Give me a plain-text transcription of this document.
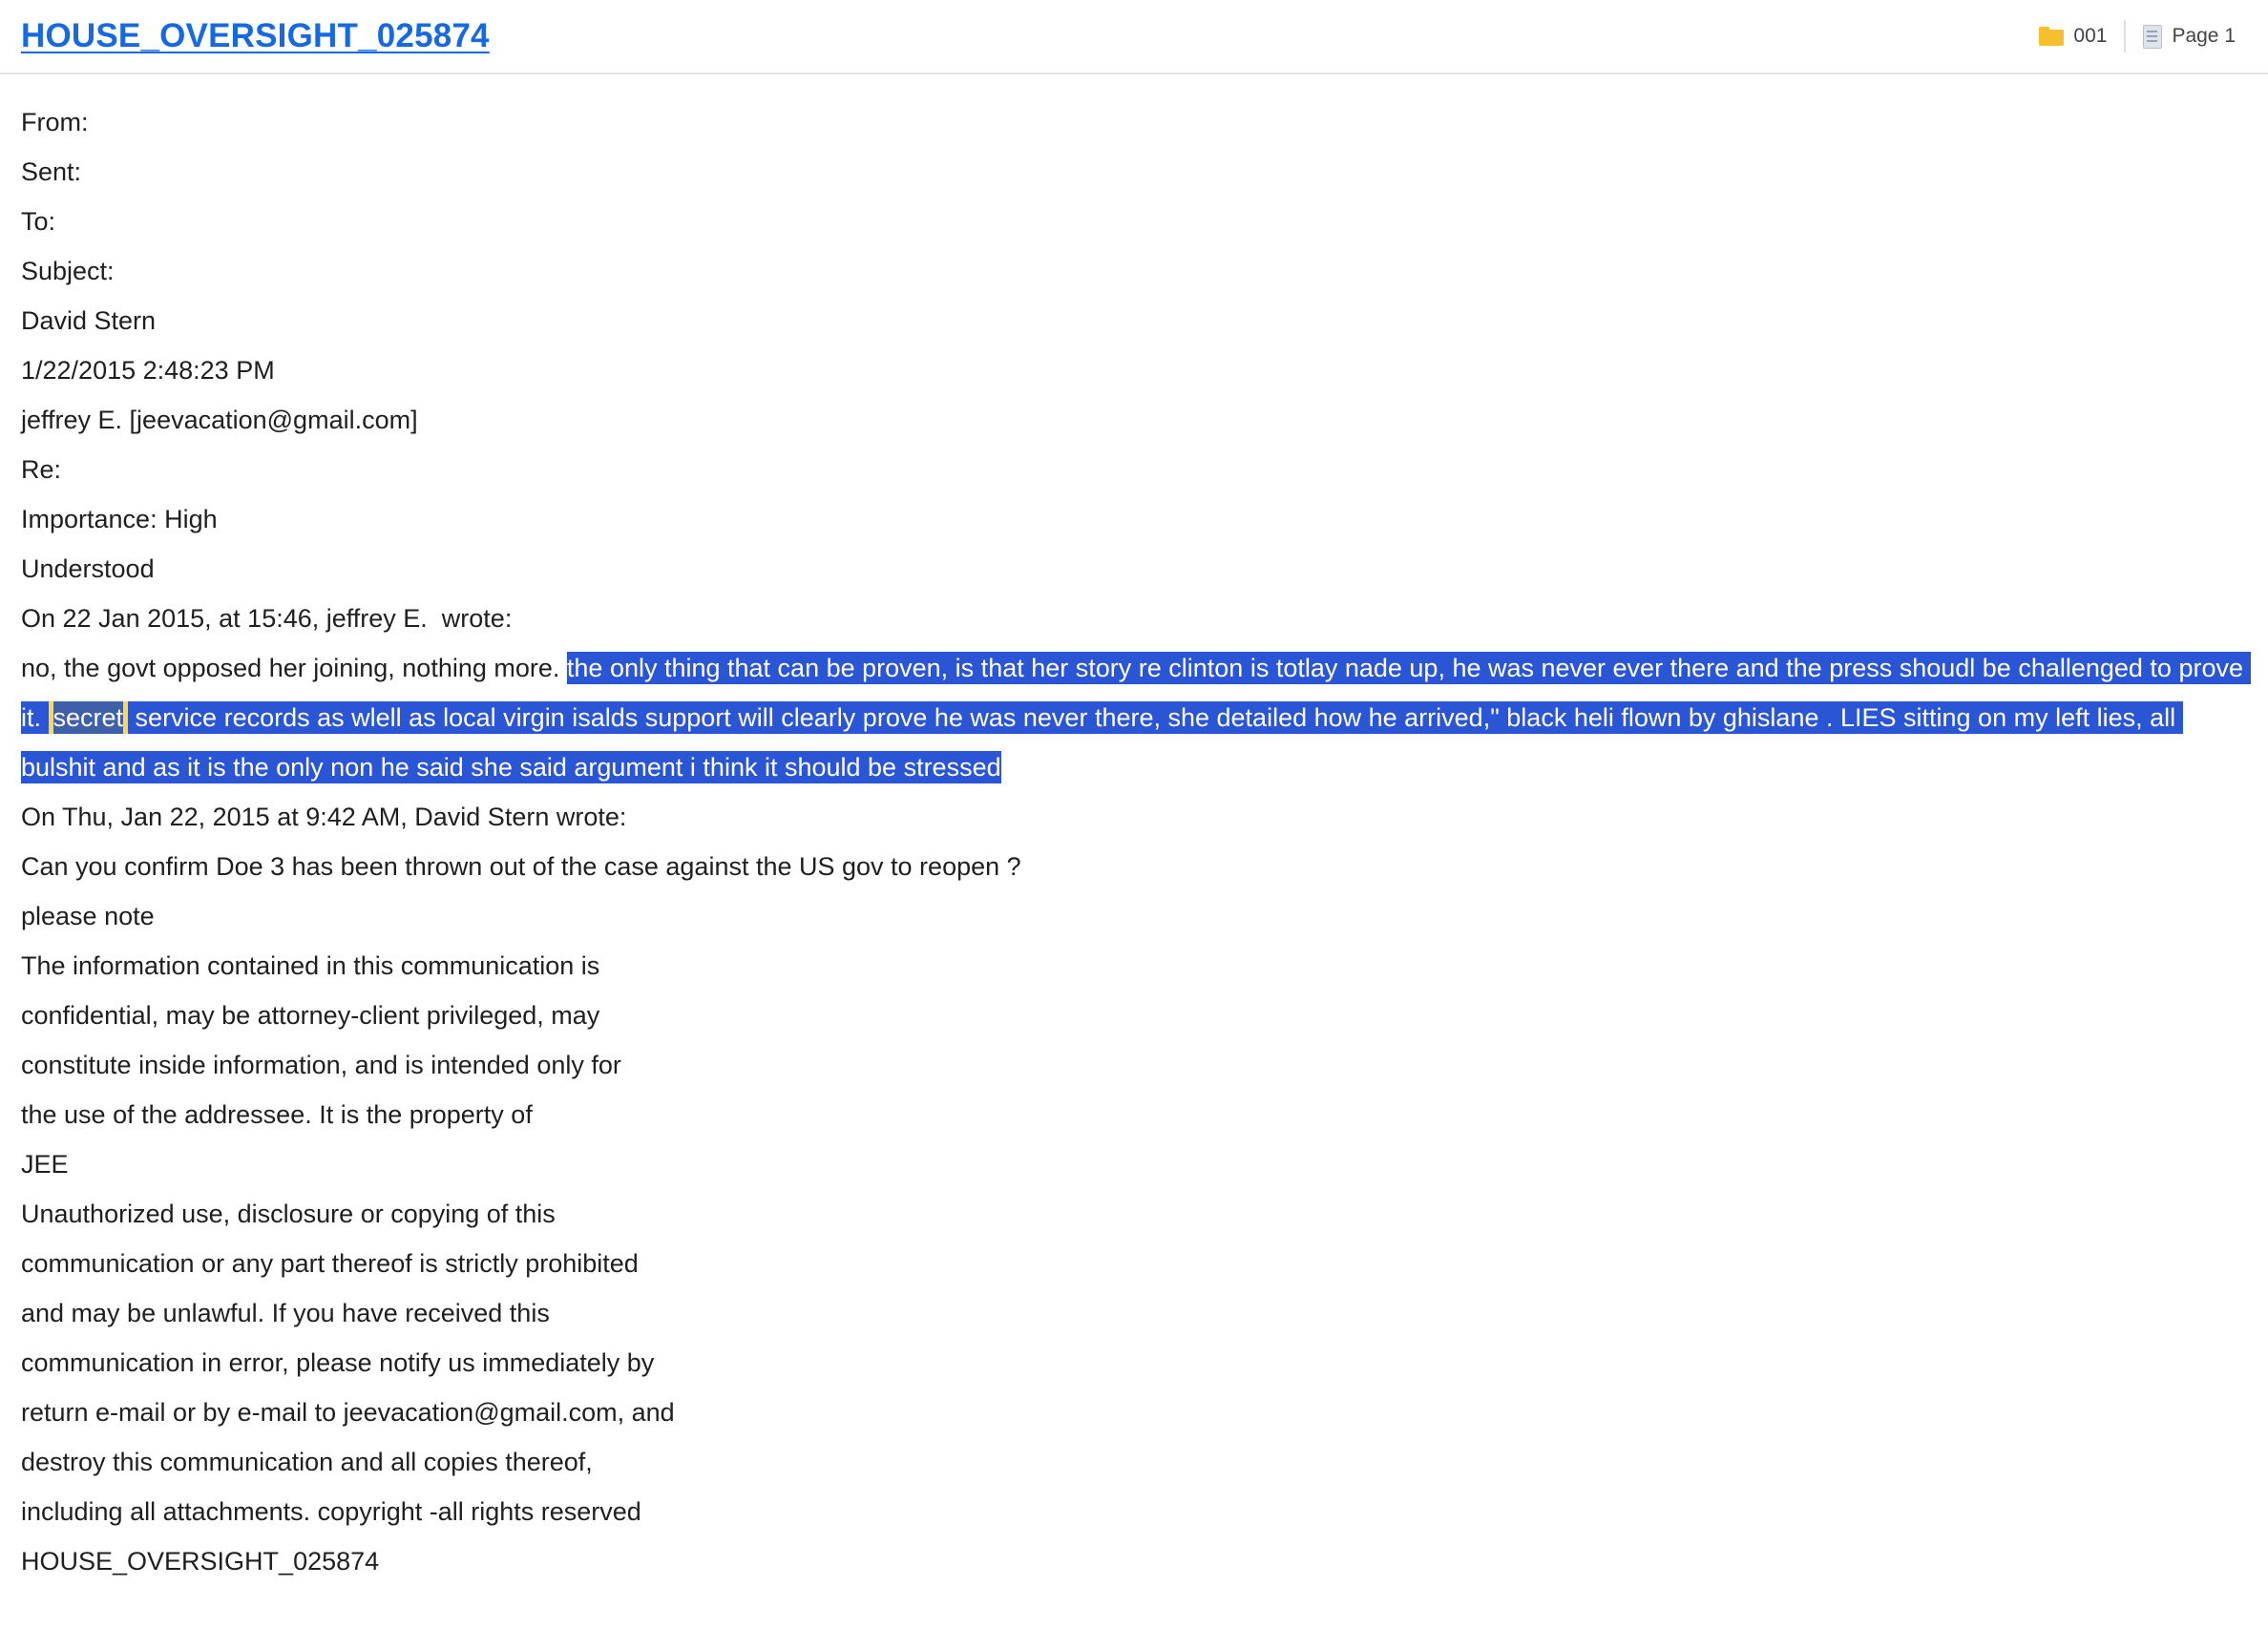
HOUSE_OVERSIGHT_025874	001	Page 1
From:
Sent:
To:
Subject:
David Stern
1/22/2015 2:48:23 PM
jeffrey E. [jeevacation@gmail.com]
Re:
Importance: High
Understood
On 22 Jan 2015, at 15:46, jeffrey E.  wrote:
no, the govt opposed her joining, nothing more. the only thing that can be proven, is that her story re clinton is totlay nade up, he was never ever there and the press shoudl be challenged to prove it. secret service records as wlell as local virgin isalds support will clearly prove he was never there, she detailed how he arrived," black heli flown by ghislane . LIES sitting on my left lies, all bulshit and as it is the only non he said she said argument i think it should be stressed
On Thu, Jan 22, 2015 at 9:42 AM, David Stern wrote:
Can you confirm Doe 3 has been thrown out of the case against the US gov to reopen ?
please note
The information contained in this communication is
confidential, may be attorney-client privileged, may
constitute inside information, and is intended only for
the use of the addressee. It is the property of
JEE
Unauthorized use, disclosure or copying of this
communication or any part thereof is strictly prohibited
and may be unlawful. If you have received this
communication in error, please notify us immediately by
return e-mail or by e-mail to jeevacation@gmail.com, and
destroy this communication and all copies thereof,
including all attachments. copyright -all rights reserved
HOUSE_OVERSIGHT_025874
